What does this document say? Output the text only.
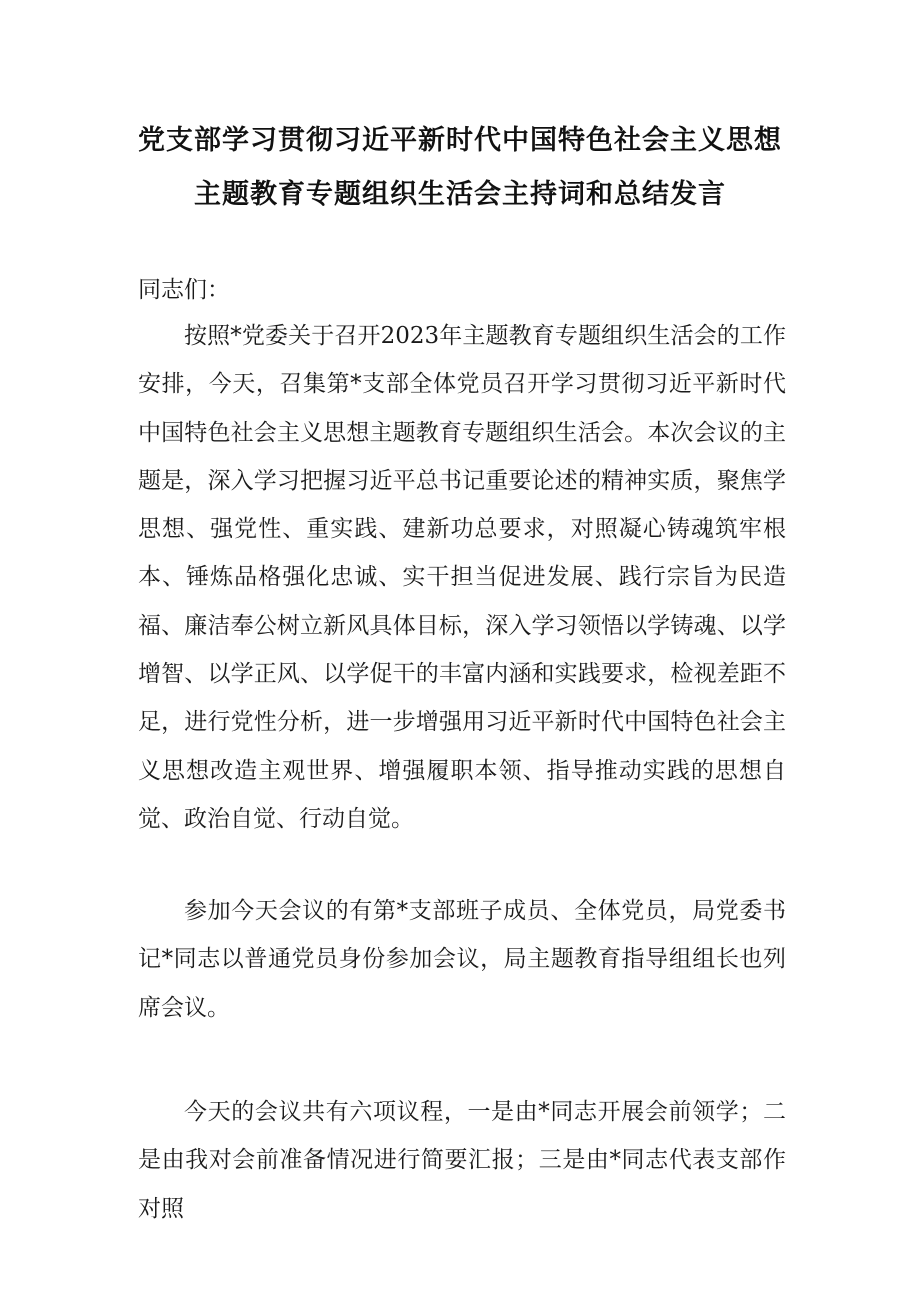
党支部学习贯彻习近平新时代中国特色社会主义思想
主题教育专题组织生活会主持词和总结发言
同志们：
按照*党委关于召开2023年主题教育专题组织生活会的工作安排，今天，召集第*支部全体党员召开学习贯彻习近平新时代中国特色社会主义思想主题教育专题组织生活会。本次会议的主题是，深入学习把握习近平总书记重要论述的精神实质，聚焦学思想、强党性、重实践、建新功总要求，对照凝心铸魂筑牢根本、锤炼品格强化忠诚、实干担当促进发展、践行宗旨为民造福、廉洁奉公树立新风具体目标，深入学习领悟以学铸魂、以学增智、以学正风、以学促干的丰富内涵和实践要求，检视差距不足，进行党性分析，进一步增强用习近平新时代中国特色社会主义思想改造主观世界、增强履职本领、指导推动实践的思想自觉、政治自觉、行动自觉。
参加今天会议的有第*支部班子成员、全体党员，局党委书记*同志以普通党员身份参加会议，局主题教育指导组组长也列席会议。
今天的会议共有六项议程，一是由*同志开展会前领学；二是由我对会前准备情况进行简要汇报；三是由*同志代表支部作对照
